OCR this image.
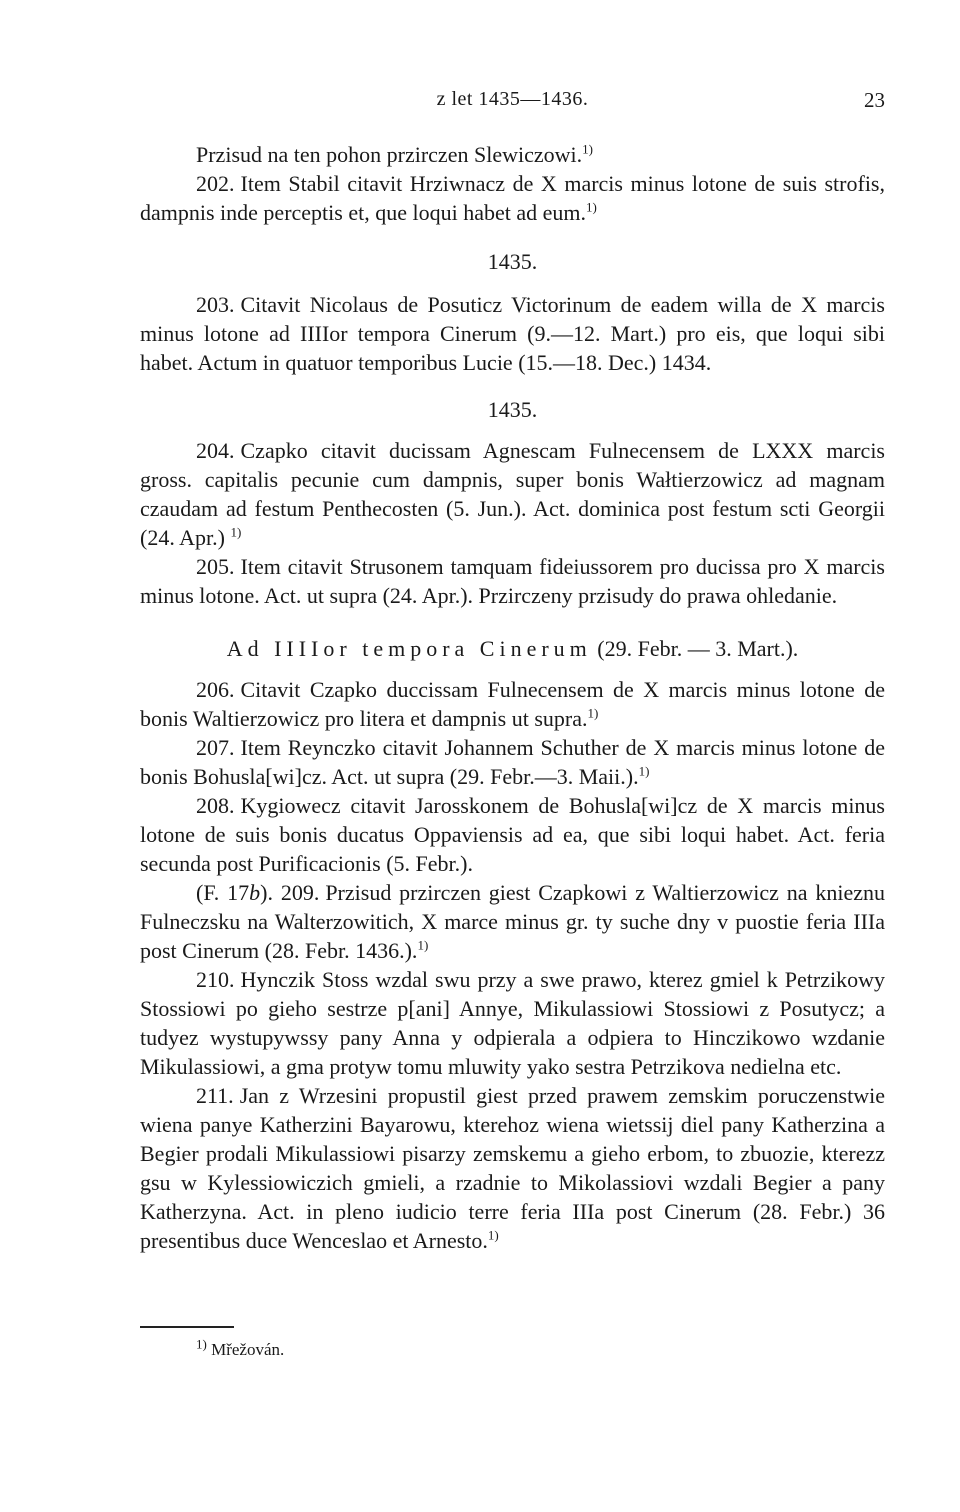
z let 1435—1436.	23

Przisud na ten pohon przirczen Slewiczowi.$^{1)}$

202. Item Stabil citavit Hrziwnacz de X marcis minus lotone de suis strofis, dampnis inde perceptis et, que loqui habet ad eum.$^{1)}$

1435.

203. Citavit Nicolaus de Posuticz Victorinum de eadem willa de X marcis minus lotone ad IIIIor tempora Cinerum (9.—12. Mart.) pro eis, que loqui sibi habet. Actum in quatuor temporibus Lucie (15.—18. Dec.) 1434.

1435.

204. Czapko citavit ducissam Agnescam Fulnecensem de LXXX marcis gross. capitalis pecunie cum dampnis, super bonis Wałtierzowicz ad magnam czaudam ad festum Penthecosten (5. Jun.). Act. dominica post festum scti Georgii (24. Apr.) $^{1)}$

205. Item citavit Strusonem tamquam fideiussorem pro ducissa pro X marcis minus lotone. Act. ut supra (24. Apr.). Przirczeny przisudy do prawa ohledanie.

Ad IIIIor tempora Cinerum (29. Febr. — 3. Mart.).

206. Citavit Czapko duccissam Fulnecensem de X marcis minus lotone de bonis Waltierzowicz pro litera et dampnis ut supra.$^{1)}$

207. Item Reynczko citavit Johannem Schuther de X marcis minus lotone de bonis Bohusla[wi]cz. Act. ut supra (29. Febr.—3. Maii.).$^{1)}$

208. Kygiowecz citavit Jarosskonem de Bohusla[wi]cz de X marcis minus lotone de suis bonis ducatus Oppaviensis ad ea, que sibi loqui habet. Act. feria secunda post Purificacionis (5. Febr.).

(F. 17b). 209. Przisud przirczen giest Czapkowi z Waltierzowicz na knieznu Fulneczsku na Walterzowitich, X marce minus gr. ty suche dny v puostie feria IIIa post Cinerum (28. Febr. 1436.).$^{1)}$

210. Hynczik Stoss wzdal swu przy a swe prawo, kterez gmiel k Petrzikowy Stossiowi po gieho sestrze p[ani] Annye, Mikulassiowi Stossiowi z Posutycz; a tudyez wystupywssy pany Anna y odpierala a odpiera to Hinczikowo wzdanie Mikulassiowi, a gma protyw tomu mluwity yako sestra Petrzikova nedielna etc.

211. Jan z Wrzesini propustil giest przed prawem zemskim poruczenstwie wiena panye Katherzini Bayarowu, kterehoz wiena wietssij diel pany Katherzina a Begier prodali Mikulassiowi pisarzy zemskemu a gieho erbom, to zbuozie, kterezz gsu w Kylessiowiczich gmieli, a rzadnie to Mikolassiovi wzdali Begier a pany Katherzyna. Act. in pleno iudicio terre feria IIIa post Cinerum (28. Febr.) 36 presentibus duce Wenceslao et Arnesto.$^{1)}$

$^{1)}$ Mřežován.
